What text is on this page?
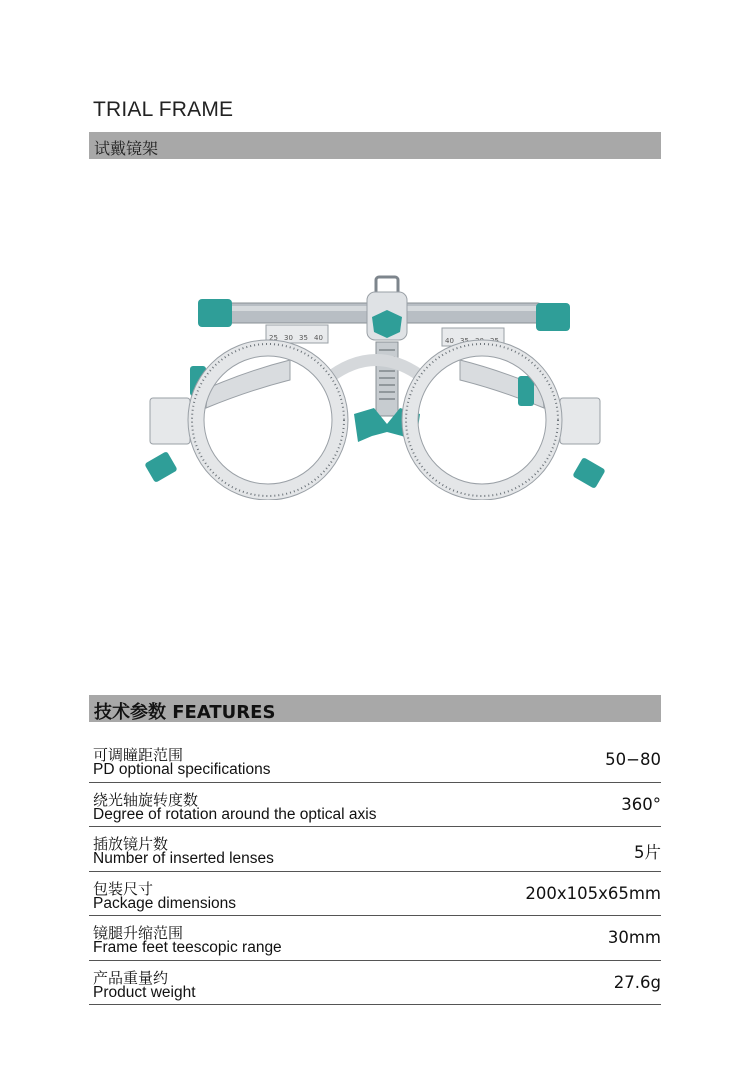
TRIAL FRAME
试戴镜架
25 30 35 40	40 35 30 25
技术参数 FEATURES
可调瞳距范围
PD optional specifications
50−80
绕光轴旋转度数
Degree of rotation around the optical axis
360°
插放镜片数
Number of inserted lenses	5片
包装尺寸
Package dimensions
200x105x65mm
镜腿升缩范围
Frame feet teescopic range
30mm
产品重量约
Product weight
27.6g
